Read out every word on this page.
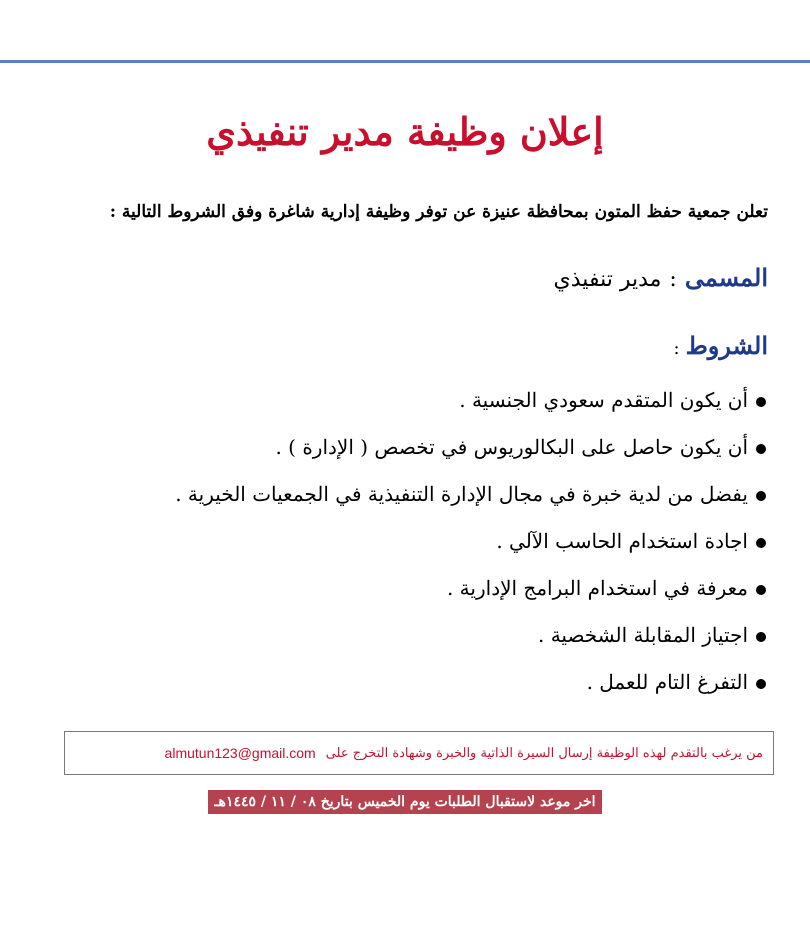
إعلان وظيفة مدير تنفيذي
تعلن جمعية حفظ المتون بمحافظة عنيزة عن توفر وظيفة إدارية شاغرة وفق الشروط التالية :
المسمى:مدير تنفيذي
الشروط:
أن يكون المتقدم سعودي الجنسية .
أن يكون حاصل على البكالوريوس في تخصص ( الإدارة ) .
يفضل من لدية خبرة في مجال الإدارة التنفيذية في الجمعيات الخيرية .
اجادة استخدام الحاسب الآلي .
معرفة في استخدام البرامج الإدارية .
اجتياز المقابلة الشخصية .
التفرغ التام للعمل .
من يرغب بالتقدم لهذه الوظيفة إرسال السيرة الذاتية والخبرة وشهادة التخرج على
almutun123@gmail.com
اخر موعد لاستقبال الطلبات يوم الخميس بتاريخ ٠٨ / ١١ / ١٤٤٥هـ
